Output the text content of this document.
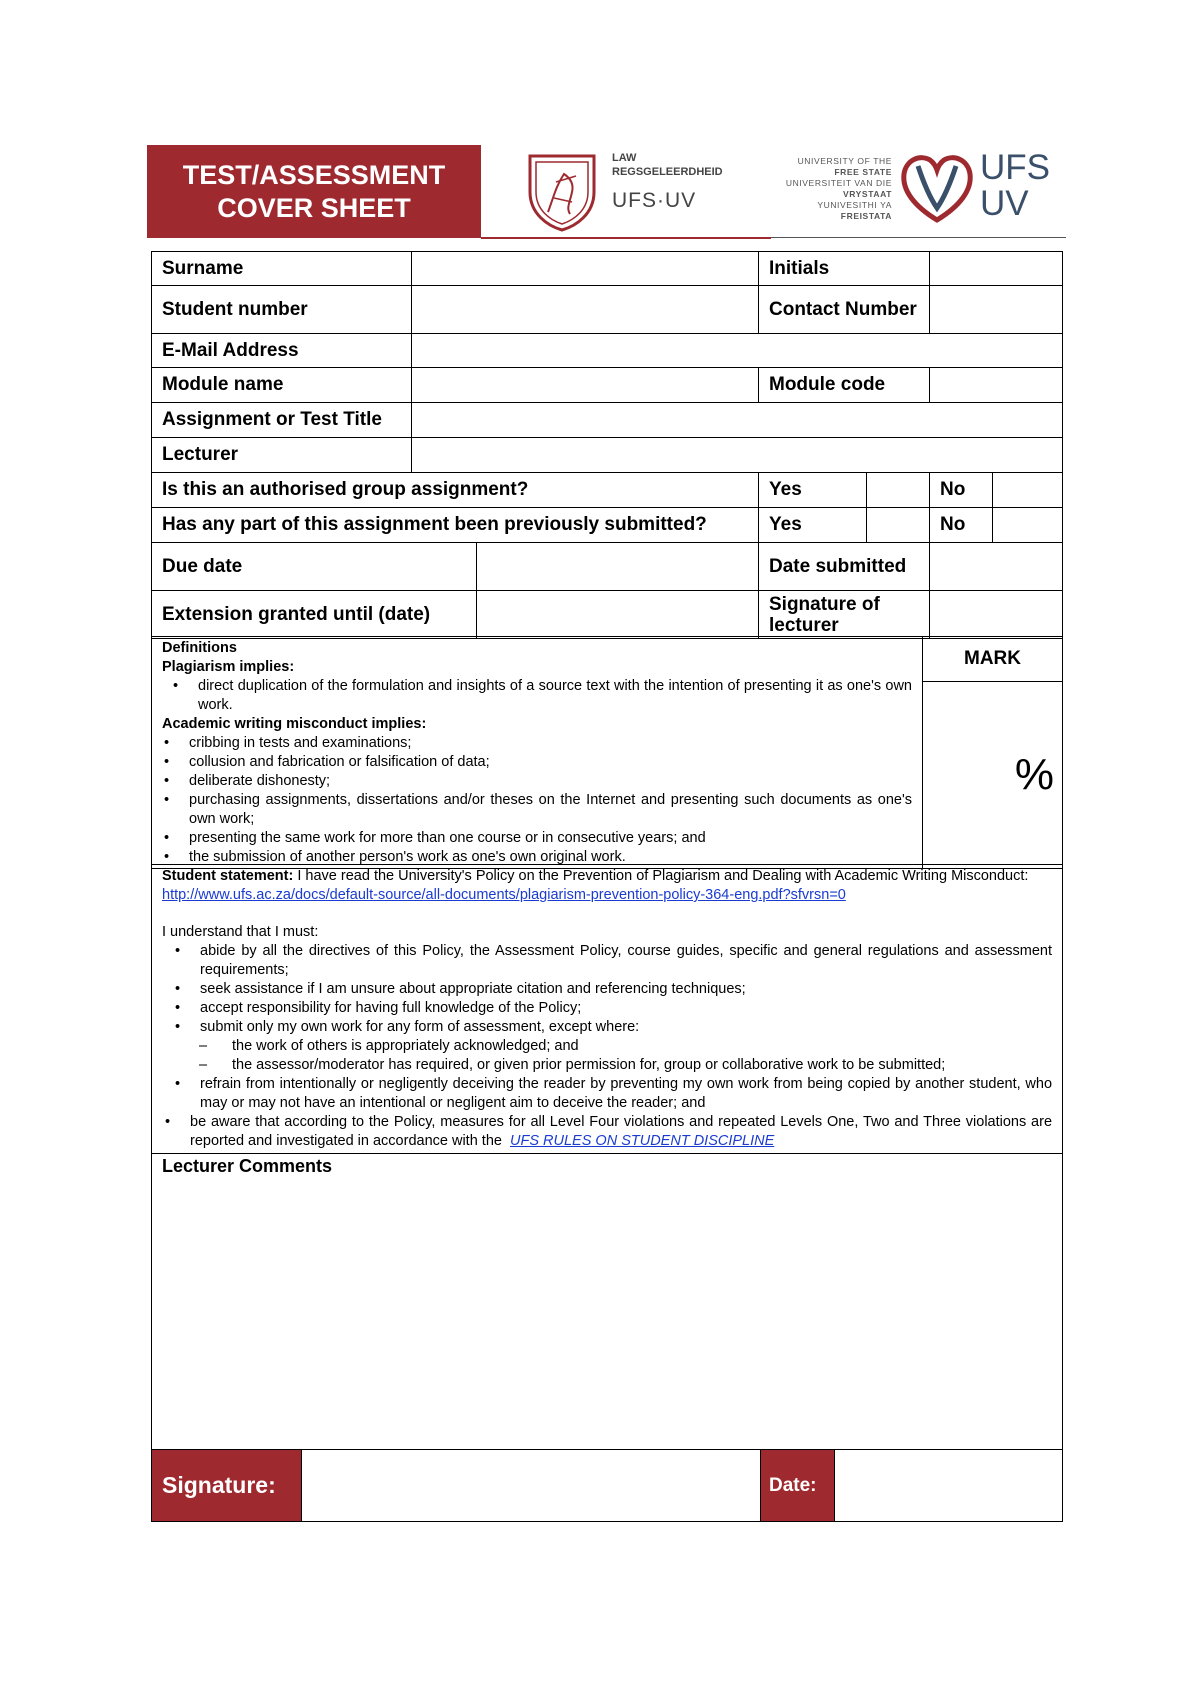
TEST/ASSESSMENT
COVER SHEET
LAW
REGSGELEERDHEID
UFS·UV
UNIVERSITY OF THE
FREE STATE
UNIVERSITEIT VAN DIE
VRYSTAAT
YUNIVESITHI YA
FREISTATA
UFS
UV
Surname			Initials			
Student number			Contact Number			
E-Mail Address						
Module name			Module code			
Assignment or Test Title						
Lecturer						
Is this an authorised group assignment?			Yes		No	
Has any part of this assignment been previously submitted?			Yes		No	
Due date			Date submitted			
Extension granted until (date)			Signature of lecturer			
Definitions
Plagiarism implies:
• direct duplication of the formulation and insights of a source text with the intention of presenting it as one's own work.
Academic writing misconduct implies:
• cribbing in tests and examinations;
• collusion and fabrication or falsification of data;
• deliberate dishonesty;
• purchasing assignments, dissertations and/or theses on the Internet and presenting such documents as one's own work;
• presenting the same work for more than one course or in consecutive years; and
• the submission of another person's work as one's own original work.
	MARK
%
Student statement: I have read the University's Policy on the Prevention of Plagiarism and Dealing with Academic Writing Misconduct: http://www.ufs.ac.za/docs/default-source/all-documents/plagiarism-prevention-policy-364-eng.pdf?sfvrsn=0
I understand that I must:
• abide by all the directives of this Policy, the Assessment Policy, course guides, specific and general regulations and assessment requirements;
• seek assistance if I am unsure about appropriate citation and referencing techniques;
• accept responsibility for having full knowledge of the Policy;
• submit only my own work for any form of assessment, except where:
– the work of others is appropriately acknowledged; and
– the assessor/moderator has required, or given prior permission for, group or collaborative work to be submitted;
• refrain from intentionally or negligently deceiving the reader by preventing my own work from being copied by another student, who may or may not have an intentional or negligent aim to deceive the reader; and
• be aware that according to the Policy, measures for all Level Four violations and repeated Levels One, Two and Three violations are reported and investigated in accordance with the UFS RULES ON STUDENT DISCIPLINE

Lecturer Comments
Signature:		Date:	
